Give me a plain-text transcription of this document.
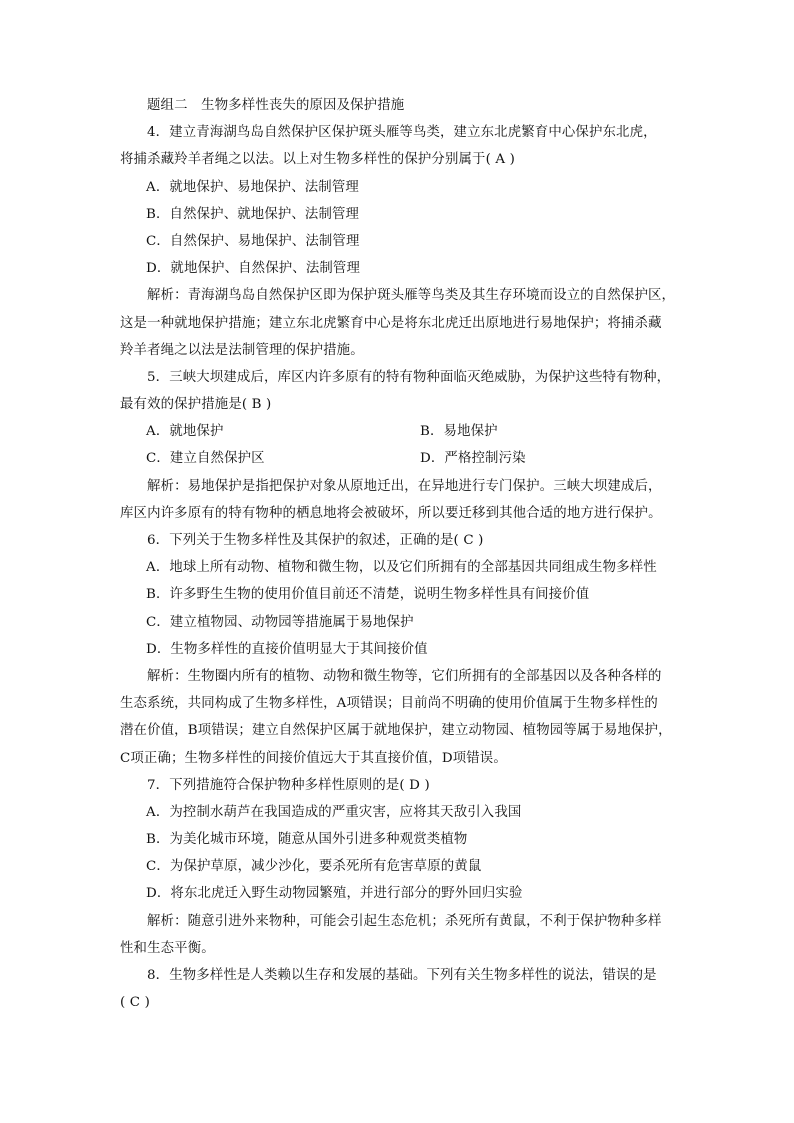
题组二　生物多样性丧失的原因及保护措施
4．建立青海湖鸟岛自然保护区保护斑头雁等鸟类，建立东北虎繁育中心保护东北虎，
将捕杀藏羚羊者绳之以法。以上对生物多样性的保护分别属于( A )
A．就地保护、易地保护、法制管理
B．自然保护、就地保护、法制管理
C．自然保护、易地保护、法制管理
D．就地保护、自然保护、法制管理
解析：青海湖鸟岛自然保护区即为保护斑头雁等鸟类及其生存环境而设立的自然保护区，
这是一种就地保护措施；建立东北虎繁育中心是将东北虎迁出原地进行易地保护；将捕杀藏
羚羊者绳之以法是法制管理的保护措施。
5．三峡大坝建成后，库区内许多原有的特有物种面临灭绝威胁，为保护这些特有物种，
最有效的保护措施是( B )
A．就地保护	B．易地保护
C．建立自然保护区	D．严格控制污染
解析：易地保护是指把保护对象从原地迁出，在异地进行专门保护。三峡大坝建成后，
库区内许多原有的特有物种的栖息地将会被破坏，所以要迁移到其他合适的地方进行保护。
6．下列关于生物多样性及其保护的叙述，正确的是( C )
A．地球上所有动物、植物和微生物，以及它们所拥有的全部基因共同组成生物多样性
B．许多野生生物的使用价值目前还不清楚，说明生物多样性具有间接价值
C．建立植物园、动物园等措施属于易地保护
D．生物多样性的直接价值明显大于其间接价值
解析：生物圈内所有的植物、动物和微生物等，它们所拥有的全部基因以及各种各样的
生态系统，共同构成了生物多样性，A项错误；目前尚不明确的使用价值属于生物多样性的
潜在价值，B项错误；建立自然保护区属于就地保护，建立动物园、植物园等属于易地保护，
C项正确；生物多样性的间接价值远大于其直接价值，D项错误。
7．下列措施符合保护物种多样性原则的是( D )
A．为控制水葫芦在我国造成的严重灾害，应将其天敌引入我国
B．为美化城市环境，随意从国外引进多种观赏类植物
C．为保护草原，减少沙化，要杀死所有危害草原的黄鼠
D．将东北虎迁入野生动物园繁殖，并进行部分的野外回归实验
解析：随意引进外来物种，可能会引起生态危机；杀死所有黄鼠，不利于保护物种多样
性和生态平衡。
8．生物多样性是人类赖以生存和发展的基础。下列有关生物多样性的说法，错误的是
( C )
